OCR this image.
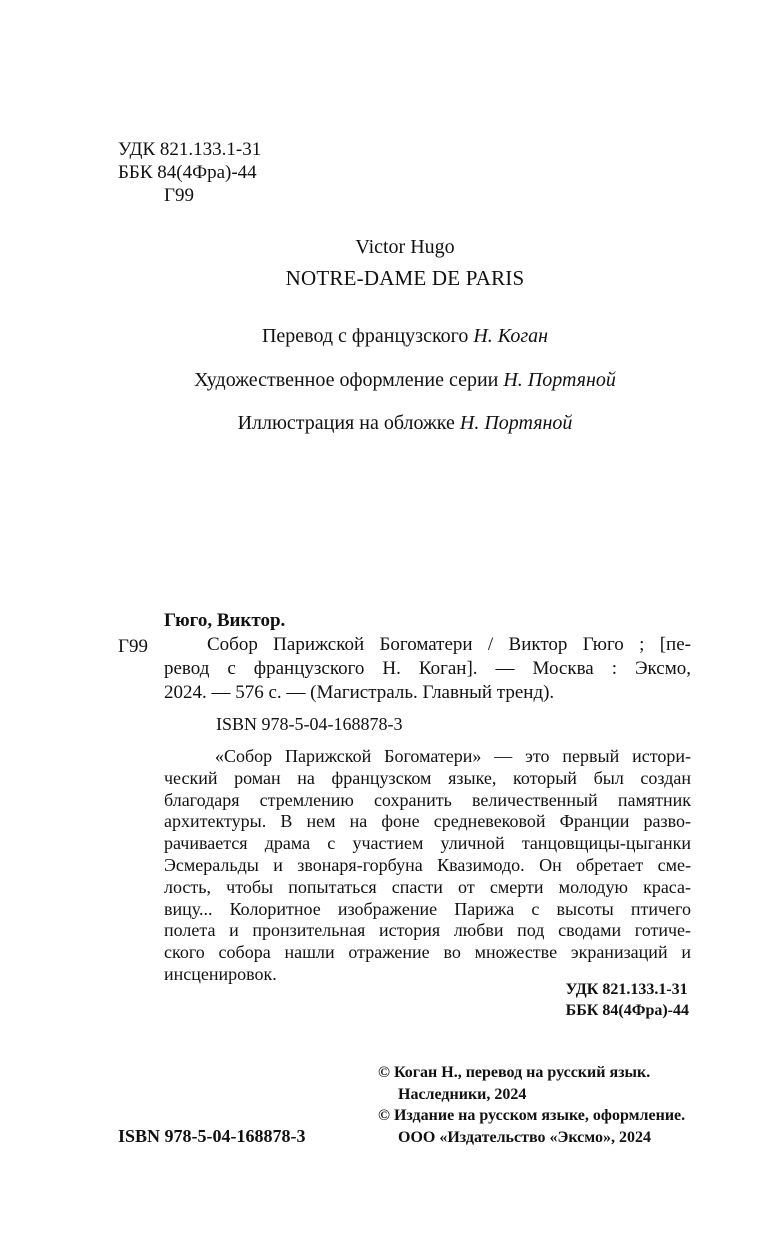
УДК 821.133.1-31
ББК 84(4Фра)-44
Г99
Victor Hugo
NOTRE-DAME DE PARIS
Перевод с французского Н. Коган
Художественное оформление серии Н. Портяной
Иллюстрация на обложке Н. Портяной
Гюго, Виктор.
Г99	Собор Парижской Богоматери / Виктор Гюго ; [пе-
ревод с французского Н. Коган]. — Москва : Эксмо,
2024. — 576 с. — (Магистраль. Главный тренд).
ISBN 978-5-04-168878-3
«Собор Парижской Богоматери» — это первый истори-
ческий роман на французском языке, который был создан
благодаря стремлению сохранить величественный памятник
архитектуры. В нем на фоне средневековой Франции разво-
рачивается драма с участием уличной танцовщицы-цыганки
Эсмеральды и звонаря-горбуна Квазимодо. Он обретает сме-
лость, чтобы попытаться спасти от смерти молодую краса-
вицу... Колоритное изображение Парижа с высоты птичего
полета и пронзительная история любви под сводами готиче-
ского собора нашли отражение во множестве экранизаций и
инсценировок.
УДК 821.133.1-31
ББК 84(4Фра)-44
© Коган Н., перевод на русский язык.
Наследники, 2024
© Издание на русском языке, оформление.
ООО «Издательство «Эксмо», 2024
ISBN 978-5-04-168878-3
